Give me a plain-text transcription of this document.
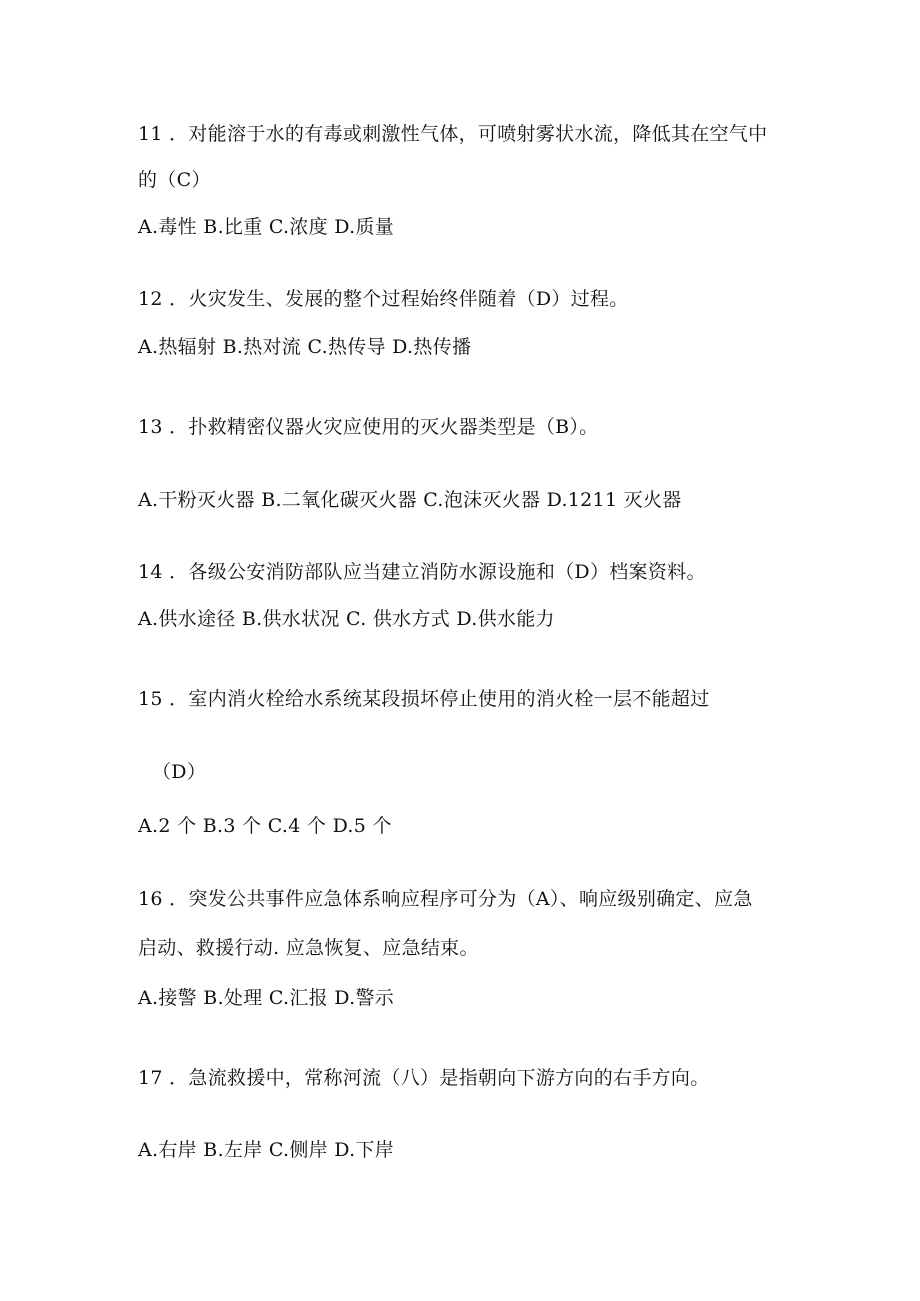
11 ．对能溶于水的有毒或刺激性气体，可喷射雾状水流，降低其在空气中
的（C）
A.毒性 B.比重 C.浓度 D.质量
12 ．火灾发生、发展的整个过程始终伴随着（D）过程。
A.热辐射 B.热对流 C.热传导 D.热传播
13 ．扑救精密仪器火灾应使用的灭火器类型是（B）。
A.干粉灭火器 B.二氧化碳灭火器 C.泡沫灭火器 D.1211 灭火器
14 ．各级公安消防部队应当建立消防水源设施和（D）档案资料。
A.供水途径 B.供水状况 C. 供水方式 D.供水能力
15 ．室内消火栓给水系统某段损坏停止使用的消火栓一层不能超过
（D）
A.2 个 B.3 个 C.4 个 D.5 个
16 ．突发公共事件应急体系响应程序可分为（A）、响应级别确定、应急
启动、救援行动. 应急恢复、应急结束。
A.接警 B.处理 C.汇报 D.警示
17 ．急流救援中，常称河流（八）是指朝向下游方向的右手方向。
A.右岸 B.左岸 C.侧岸 D.下岸
